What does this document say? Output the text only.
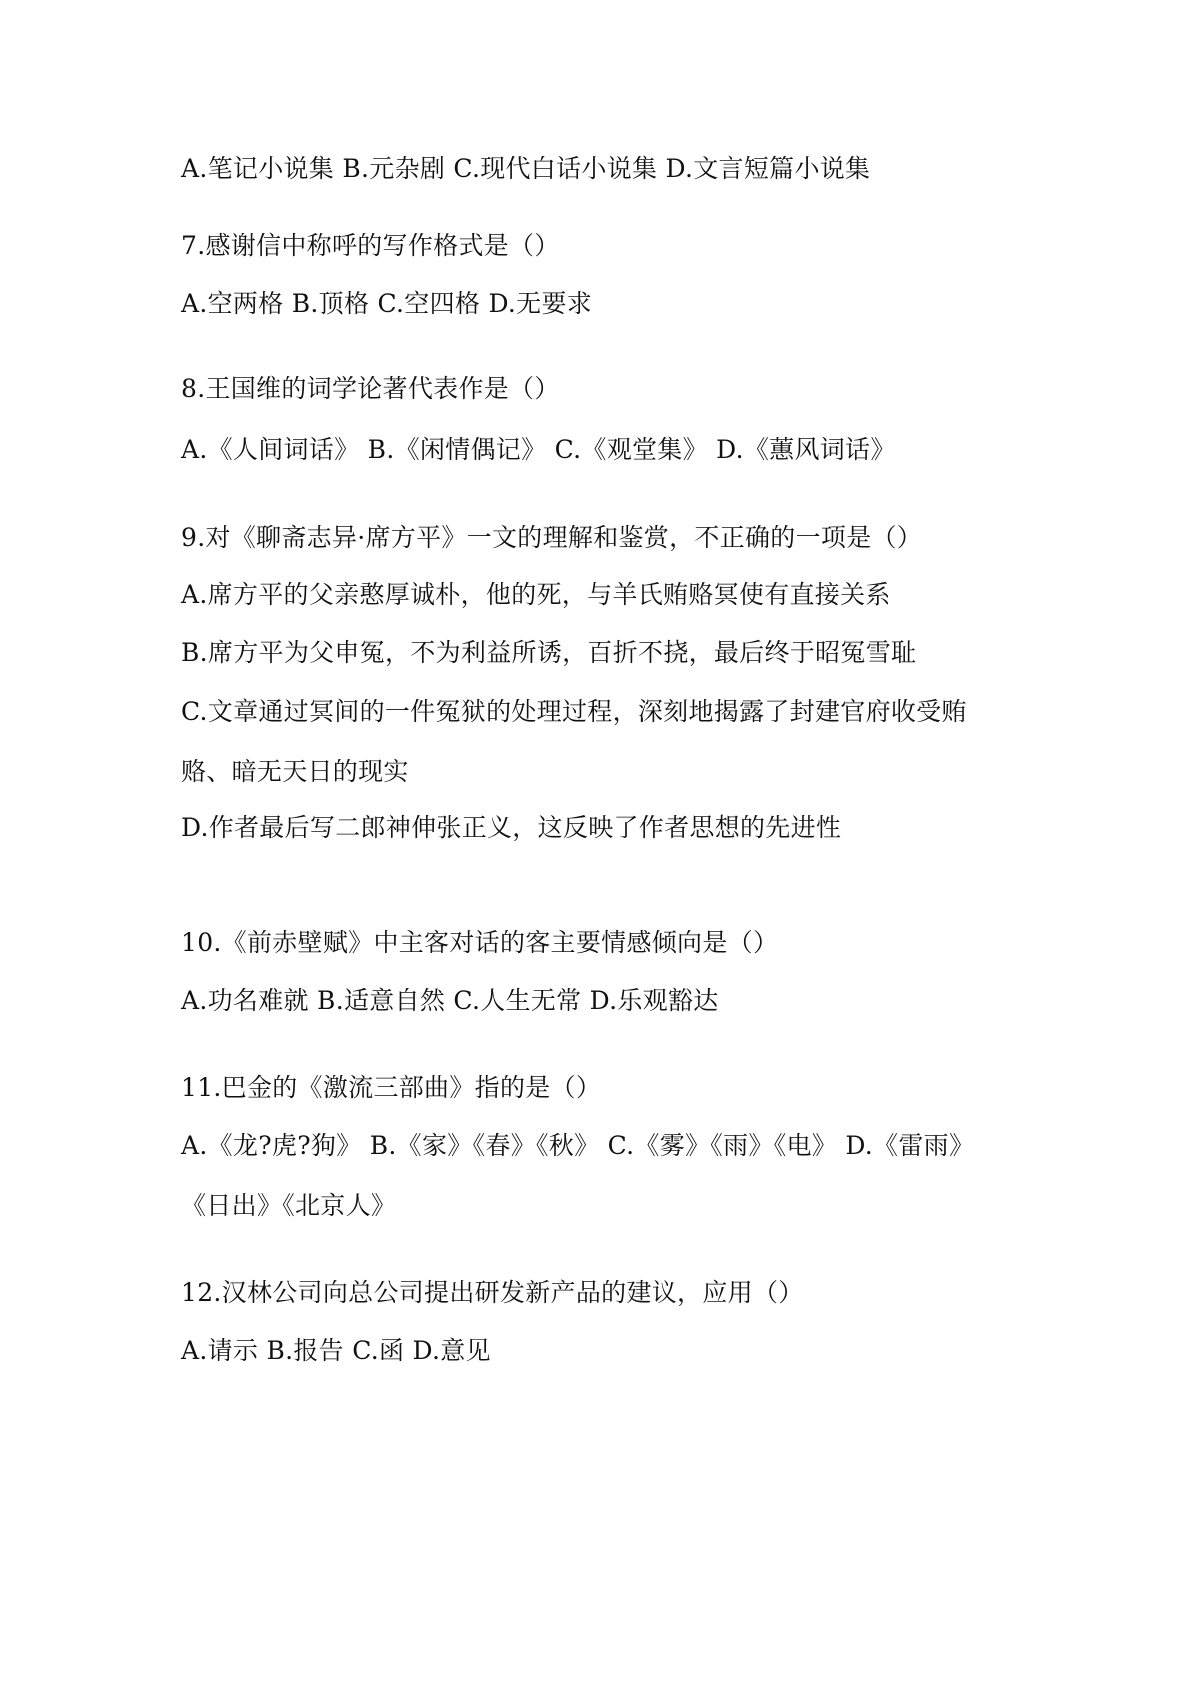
A.笔记小说集 B.元杂剧 C.现代白话小说集 D.文言短篇小说集
7.感谢信中称呼的写作格式是（）
A.空两格 B.顶格 C.空四格 D.无要求
8.王国维的词学论著代表作是（）
A.《人间词话》 B.《闲情偶记》 C.《观堂集》 D.《蕙风词话》
9.对《聊斋志异·席方平》一文的理解和鉴赏，不正确的一项是（）
A.席方平的父亲憨厚诚朴，他的死，与羊氏贿赂冥使有直接关系
B.席方平为父申冤，不为利益所诱，百折不挠，最后终于昭冤雪耻
C.文章通过冥间的一件冤狱的处理过程，深刻地揭露了封建官府收受贿
赂、暗无天日的现实
D.作者最后写二郎神伸张正义，这反映了作者思想的先进性
10.《前赤壁赋》中主客对话的客主要情感倾向是（）
A.功名难就 B.适意自然 C.人生无常 D.乐观豁达
11.巴金的《激流三部曲》指的是（）
A.《龙?虎?狗》 B.《家》《春》《秋》 C.《雾》《雨》《电》 D.《雷雨》
《日出》《北京人》
12.汉林公司向总公司提出研发新产品的建议，应用（）
A.请示 B.报告 C.函 D.意见
